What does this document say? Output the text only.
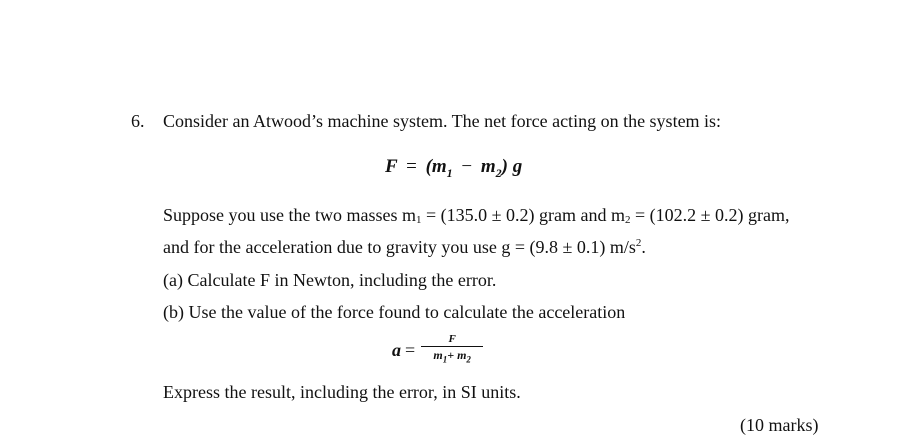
6. Consider an Atwood’s machine system. The net force acting on the system is:
$F = (m_1 - m_2)$ g
Suppose you use the two masses m1 = (135.0 ± 0.2) gram and m2 = (102.2 ± 0.2) gram,
and for the acceleration due to gravity you use g = (9.8 ± 0.1) $m/s^2$.
(a) Calculate F in Newton, including the error.
(b) Use the value of the force found to calculate the acceleration
$a = \frac{F}{m_1+ m_2}$
Express the result, including the error, in SI units.
(10 marks)
